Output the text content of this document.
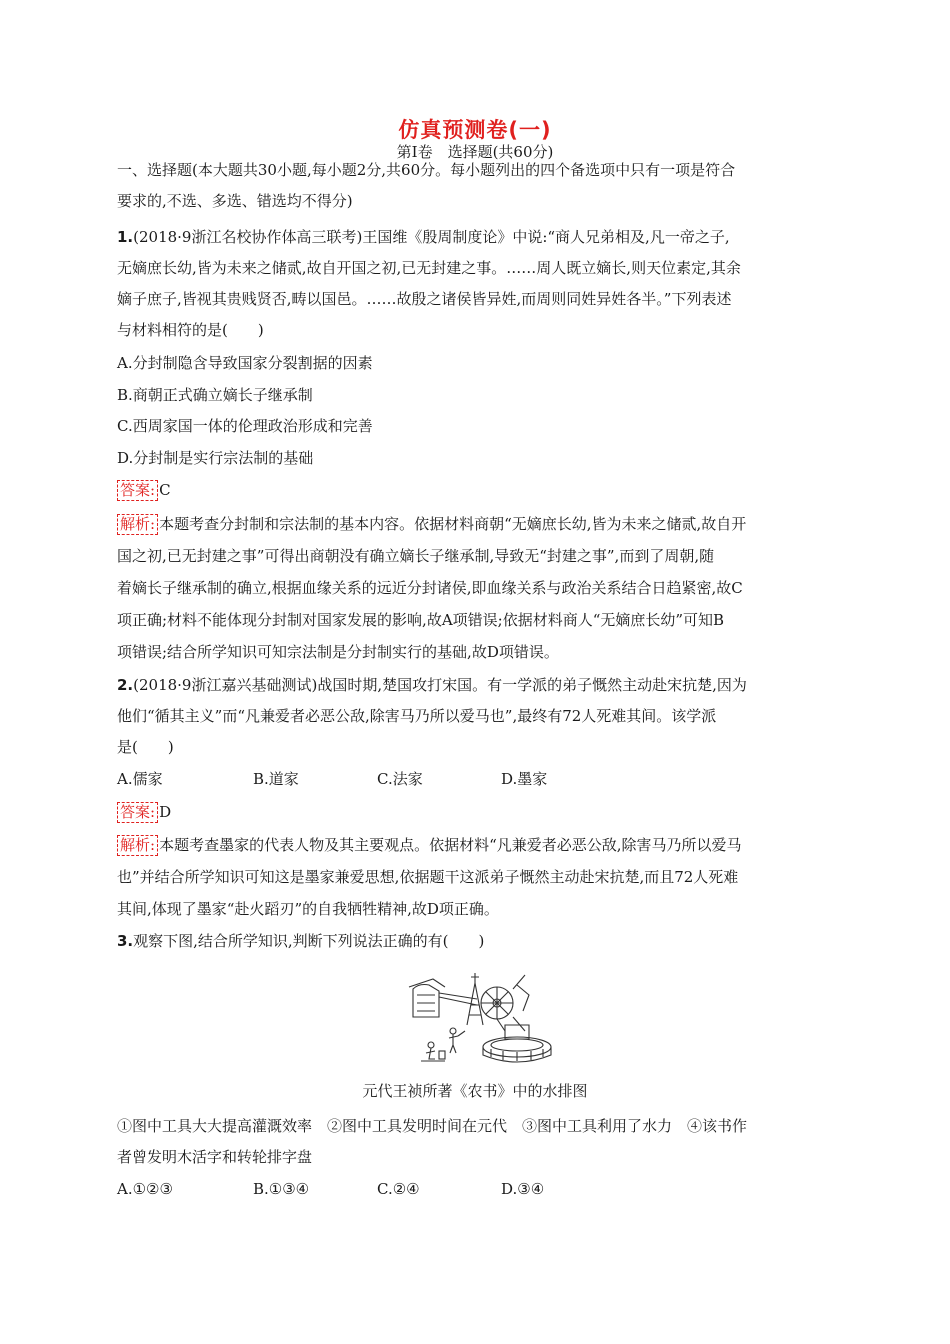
仿真预测卷(一)
第Ⅰ卷　选择题(共60分)
一、选择题(本大题共30小题,每小题2分,共60分。每小题列出的四个备选项中只有一项是符合
要求的,不选、多选、错选均不得分)
1.(2018·9浙江名校协作体高三联考)王国维《殷周制度论》中说:“商人兄弟相及,凡一帝之子,
无嫡庶长幼,皆为未来之储贰,故自开国之初,已无封建之事。……周人既立嫡长,则天位素定,其余
嫡子庶子,皆视其贵贱贤否,畴以国邑。……故殷之诸侯皆异姓,而周则同姓异姓各半。”下列表述
与材料相符的是(　　)
A.分封制隐含导致国家分裂割据的因素
B.商朝正式确立嫡长子继承制
C.西周家国一体的伦理政治形成和完善
D.分封制是实行宗法制的基础
答案: C
解析: 本题考查分封制和宗法制的基本内容。依据材料商朝“无嫡庶长幼,皆为未来之储贰,故自开
国之初,已无封建之事”可得出商朝没有确立嫡长子继承制,导致无“封建之事”,而到了周朝,随
着嫡长子继承制的确立,根据血缘关系的远近分封诸侯,即血缘关系与政治关系结合日趋紧密,故C
项正确;材料不能体现分封制对国家发展的影响,故A项错误;依据材料商人“无嫡庶长幼”可知B
项错误;结合所学知识可知宗法制是分封制实行的基础,故D项错误。
2.(2018·9浙江嘉兴基础测试)战国时期,楚国攻打宋国。有一学派的弟子慨然主动赴宋抗楚,因为
他们“循其主义”而“凡兼爱者必恶公敌,除害马乃所以爱马也”,最终有72人死难其间。该学派
是(　　)
A.儒家	B.道家	C.法家	D.墨家
答案: D
解析: 本题考查墨家的代表人物及其主要观点。依据材料“凡兼爱者必恶公敌,除害马乃所以爱马
也”并结合所学知识可知这是墨家兼爱思想,依据题干这派弟子慨然主动赴宋抗楚,而且72人死难
其间,体现了墨家“赴火蹈刃”的自我牺牲精神,故D项正确。
3.观察下图,结合所学知识,判断下列说法正确的有(　　)
元代王祯所著《农书》中的水排图
①图中工具大大提高灌溉效率　②图中工具发明时间在元代　③图中工具利用了水力　④该书作
者曾发明木活字和转轮排字盘
A.①②③	B.①③④	C.②④	D.③④
